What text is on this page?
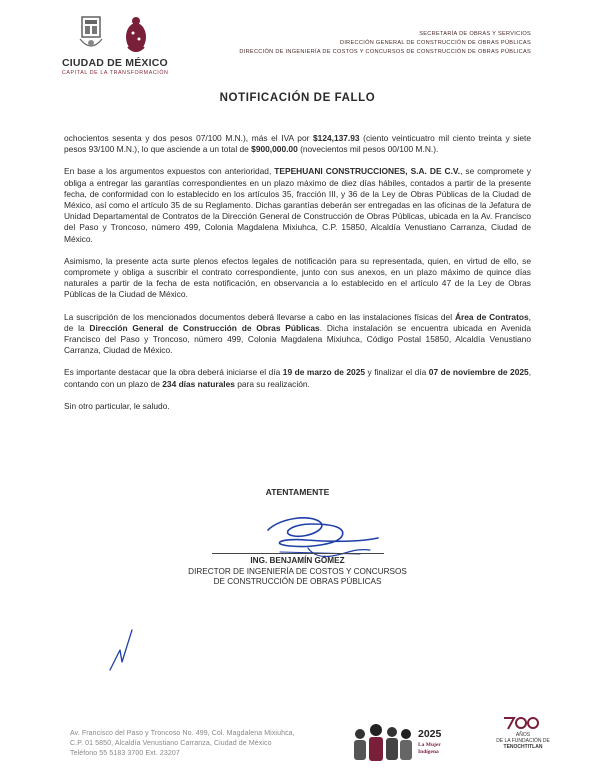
CIUDAD DE MÉXICO
CAPITAL DE LA TRANSFORMACIÓN
SECRETARÍA DE OBRAS Y SERVICIOS
DIRECCIÓN GENERAL DE CONSTRUCCIÓN DE OBRAS PÚBLICAS
DIRECCIÓN DE INGENIERÍA DE COSTOS Y CONCURSOS DE CONSTRUCCIÓN DE OBRAS PÚBLICAS
NOTIFICACIÓN DE FALLO

ochocientos sesenta y dos pesos 07/100 M.N.), más el IVA por $124,137.93 (ciento veinticuatro mil ciento treinta y siete pesos 93/100 M.N.), lo que asciende a un total de $900,000.00 (novecientos mil pesos 00/100 M.N.).

En base a los argumentos expuestos con anterioridad, TEPEHUANI CONSTRUCCIONES, S.A. DE C.V., se compromete y obliga a entregar las garantías correspondientes en un plazo máximo de diez días hábiles, contados a partir de la presente fecha, de conformidad con lo establecido en los artículos 35, fracción III, y 36 de la Ley de Obras Públicas de la Ciudad de México, así como el artículo 35 de su Reglamento. Dichas garantías deberán ser entregadas en las oficinas de la Jefatura de Unidad Departamental de Contratos de la Dirección General de Construcción de Obras Públicas, ubicada en la Av. Francisco del Paso y Troncoso, número 499, Colonia Magdalena Mixiuhca, C.P. 15850, Alcaldía Venustiano Carranza, Ciudad de México.

Asimismo, la presente acta surte plenos efectos legales de notificación para su representada, quien, en virtud de ello, se compromete y obliga a suscribir el contrato correspondiente, junto con sus anexos, en un plazo máximo de quince días naturales a partir de la fecha de esta notificación, en observancia a lo establecido en el artículo 47 de la Ley de Obras Públicas de la Ciudad de México.

La suscripción de los mencionados documentos deberá llevarse a cabo en las instalaciones físicas del Área de Contratos, de la Dirección General de Construcción de Obras Públicas. Dicha instalación se encuentra ubicada en Avenida Francisco del Paso y Troncoso, número 499, Colonia Magdalena Mixiuhca, Código Postal 15850, Alcaldía Venustiano Carranza, Ciudad de México.

Es importante destacar que la obra deberá iniciarse el día 19 de marzo de 2025 y finalizar el día 07 de noviembre de 2025, contando con un plazo de 234 días naturales para su realización.

Sin otro particular, le saludo.

ATENTAMENTE
ING. BENJAMÍN GÓMEZ
DIRECTOR DE INGENIERÍA DE COSTOS Y CONCURSOS
DE CONSTRUCCIÓN DE OBRAS PÚBLICAS
Av. Francisco del Paso y Troncoso No. 499, Col. Magdalena Mixiuhca,
C.P. 01 5850, Alcaldía Venustiano Carranza, Ciudad de México
Teléfono 55 5183 3700 Ext. 23207
2025
La Mujer
Indígena
AÑOS
DE LA FUNDACIÓN DE
TENOCHTITLAN
